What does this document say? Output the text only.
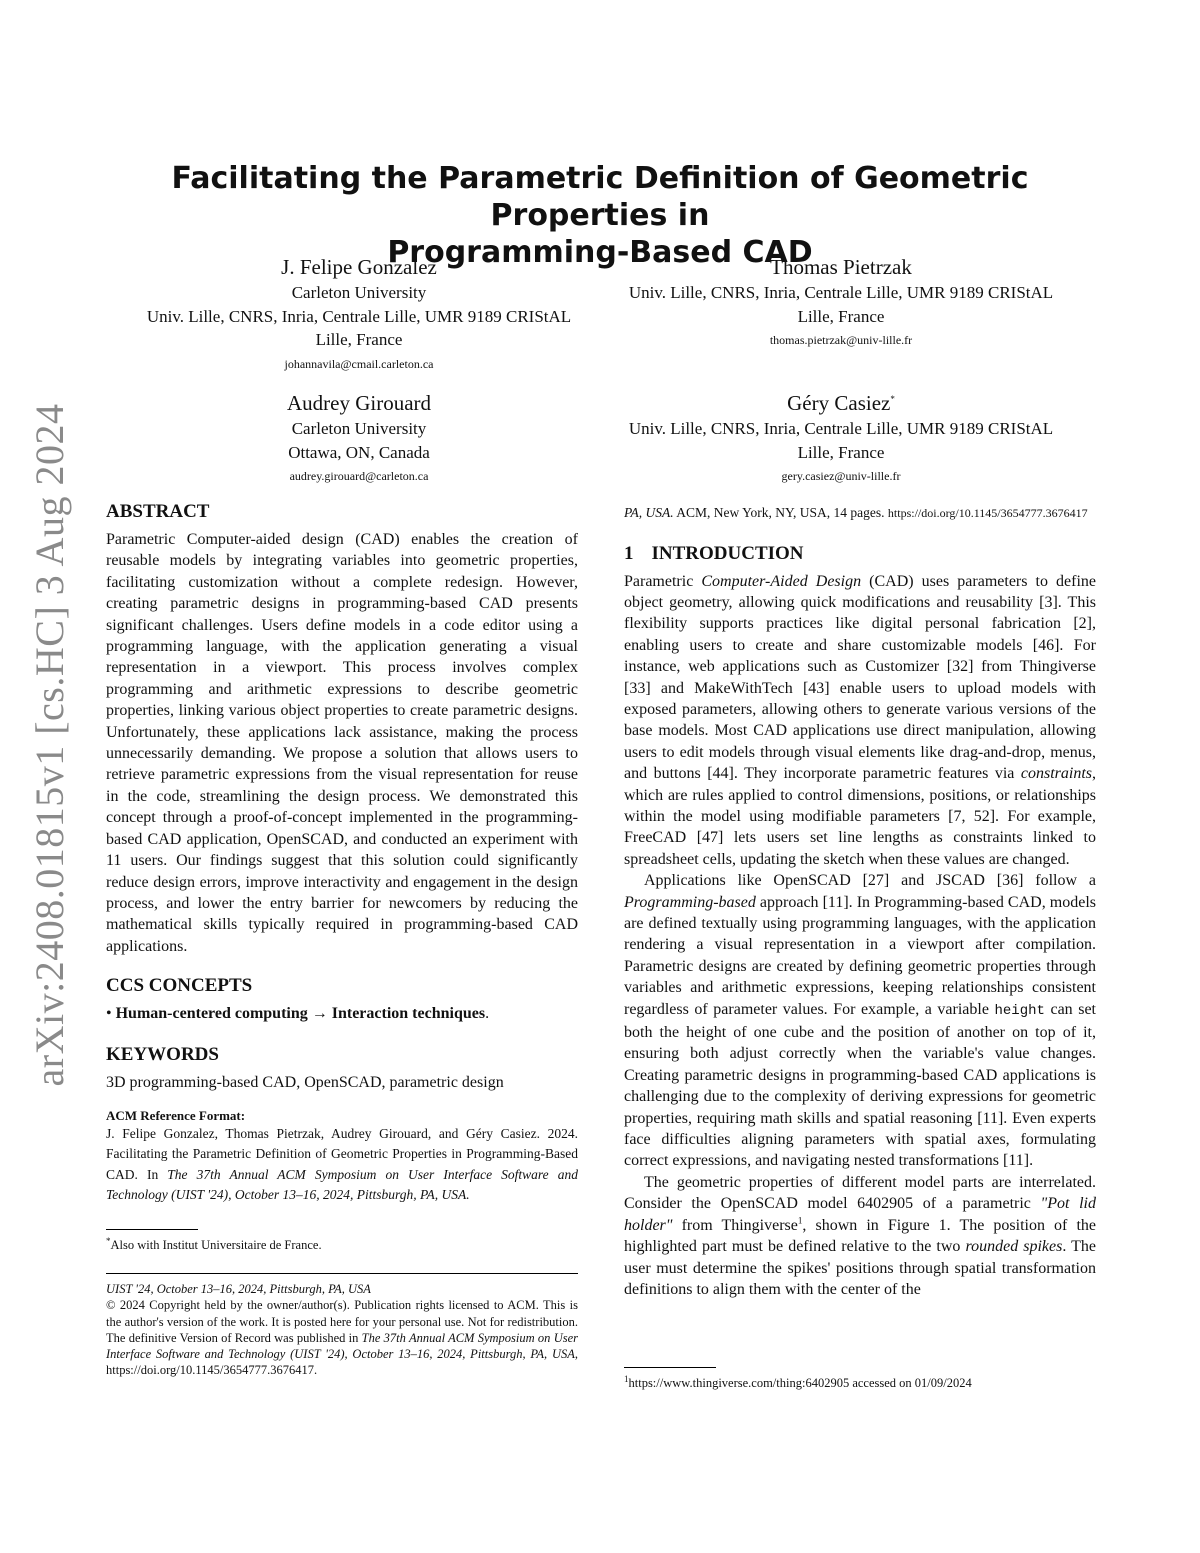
Facilitating the Parametric Definition of Geometric Properties in
Programming-Based CAD
arXiv:2408.01815v1 [cs.HC] 3 Aug 2024
J. Felipe Gonzalez
Carleton University
Univ. Lille, CNRS, Inria, Centrale Lille, UMR 9189 CRIStAL
Lille, France
johannavila@cmail.carleton.ca
Thomas Pietrzak
Univ. Lille, CNRS, Inria, Centrale Lille, UMR 9189 CRIStAL
Lille, France
thomas.pietrzak@univ-lille.fr
Audrey Girouard
Carleton University
Ottawa, ON, Canada
audrey.girouard@carleton.ca
Géry Casiez*
Univ. Lille, CNRS, Inria, Centrale Lille, UMR 9189 CRIStAL
Lille, France
gery.casiez@univ-lille.fr
ABSTRACT

Parametric Computer-aided design (CAD) enables the creation of reusable models by integrating variables into geometric properties, facilitating customization without a complete redesign. However, creating parametric designs in programming-based CAD presents significant challenges. Users define models in a code editor using a programming language, with the application generating a visual representation in a viewport. This process involves complex programming and arithmetic expressions to describe geometric properties, linking various object properties to create parametric designs. Unfortunately, these applications lack assistance, making the process unnecessarily demanding. We propose a solution that allows users to retrieve parametric expressions from the visual representation for reuse in the code, streamlining the design process. We demonstrated this concept through a proof-of-concept implemented in the programming-based CAD application, OpenSCAD, and conducted an experiment with 11 users. Our findings suggest that this solution could significantly reduce design errors, improve interactivity and engagement in the design process, and lower the entry barrier for newcomers by reducing the mathematical skills typically required in programming-based CAD applications.

CCS CONCEPTS

• Human-centered computing → Interaction techniques.

KEYWORDS

3D programming-based CAD, OpenSCAD, parametric design

ACM Reference Format:

J. Felipe Gonzalez, Thomas Pietrzak, Audrey Girouard, and Géry Casiez. 2024. Facilitating the Parametric Definition of Geometric Properties in Programming-Based CAD. In The 37th Annual ACM Symposium on User Interface Software and Technology (UIST '24), October 13–16, 2024, Pittsburgh, PA, USA.

*Also with Institut Universitaire de France.
UIST '24, October 13–16, 2024, Pittsburgh, PA, USA

© 2024 Copyright held by the owner/author(s). Publication rights licensed to ACM. This is the author's version of the work. It is posted here for your personal use. Not for redistribution. The definitive Version of Record was published in The 37th Annual ACM Symposium on User Interface Software and Technology (UIST '24), October 13–16, 2024, Pittsburgh, PA, USA, https://doi.org/10.1145/3654777.3676417.

PA, USA. ACM, New York, NY, USA, 14 pages. https://doi.org/10.1145/3654777.3676417

1 INTRODUCTION

Parametric Computer-Aided Design (CAD) uses parameters to define object geometry, allowing quick modifications and reusability [3]. This flexibility supports practices like digital personal fabrication [2], enabling users to create and share customizable models [46]. For instance, web applications such as Customizer [32] from Thingiverse [33] and MakeWithTech [43] enable users to upload models with exposed parameters, allowing others to generate various versions of the base models. Most CAD applications use direct manipulation, allowing users to edit models through visual elements like drag-and-drop, menus, and buttons [44]. They incorporate parametric features via constraints, which are rules applied to control dimensions, positions, or relationships within the model using modifiable parameters [7, 52]. For example, FreeCAD [47] lets users set line lengths as constraints linked to spreadsheet cells, updating the sketch when these values are changed.

Applications like OpenSCAD [27] and JSCAD [36] follow a Programming-based approach [11]. In Programming-based CAD, models are defined textually using programming languages, with the application rendering a visual representation in a viewport after compilation. Parametric designs are created by defining geometric properties through variables and arithmetic expressions, keeping relationships consistent regardless of parameter values. For example, a variable height can set both the height of one cube and the position of another on top of it, ensuring both adjust correctly when the variable's value changes. Creating parametric designs in programming-based CAD applications is challenging due to the complexity of deriving expressions for geometric properties, requiring math skills and spatial reasoning [11]. Even experts face difficulties aligning parameters with spatial axes, formulating correct expressions, and navigating nested transformations [11].

The geometric properties of different model parts are interrelated. Consider the OpenSCAD model 6402905 of a parametric "Pot lid holder" from Thingiverse$^1$, shown in Figure 1. The position of the highlighted part must be defined relative to the two rounded spikes. The user must determine the spikes' positions through spatial transformation definitions to align them with the center of the

$^1$https://www.thingiverse.com/thing:6402905 accessed on 01/09/2024
